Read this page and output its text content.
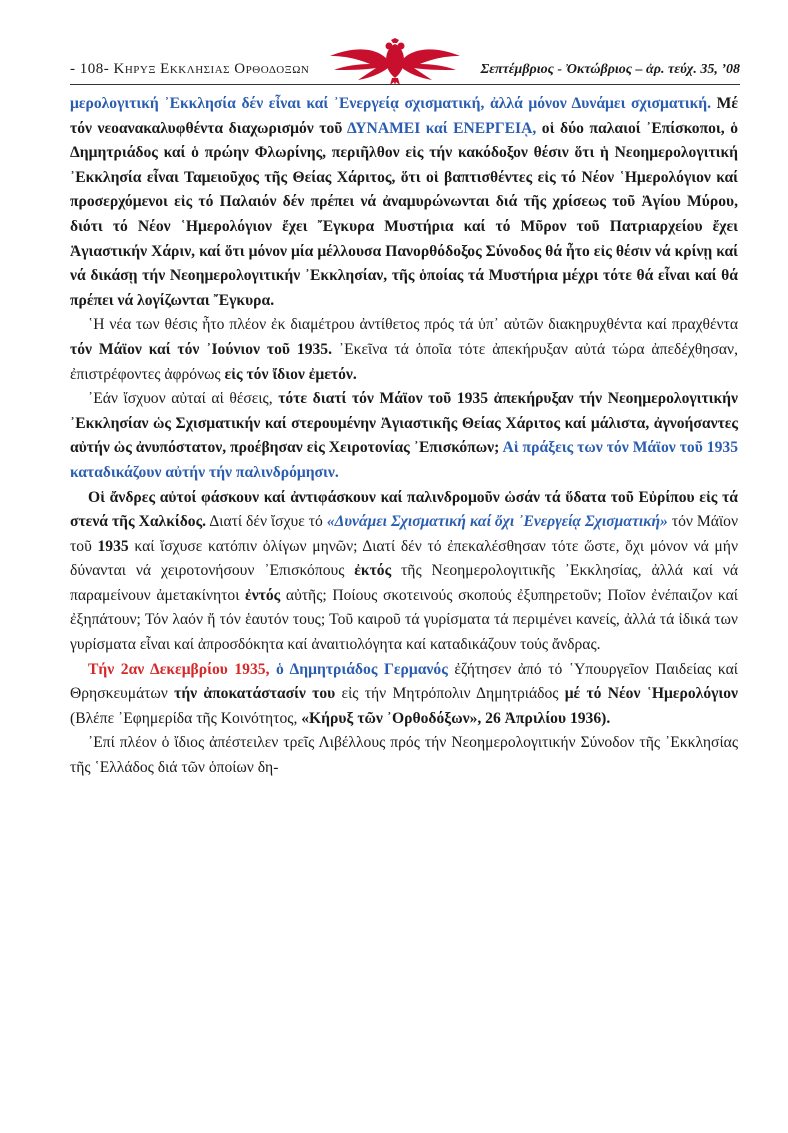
- 108- Κηρυξ Εκκλησιας Ορθοδοξων	Σεπτέμβριος - Ὀκτώβριος – ἀρ. τεύχ. 35, ’08

μερολογιτική ᾽Εκκλησία δέν εἶναι καί ᾽Ενεργείᾳ σχισματική, ἀλλά μόνον Δυνάμει σχισματική. Μέ τόν νεοανακαλυφθέντα διαχωρισμόν τοῦ ΔΥΝΑΜΕΙ καί ΕΝΕΡΓΕΙᾼ, οἱ δύο παλαιοί ᾽Επίσκοποι, ὁ Δημητριάδος καί ὁ πρώην Φλωρίνης, περιῆλθον εἰς τήν κακόδοξον θέσιν ὅτι ἡ Νεοημερολογιτική ᾽Εκκλησία εἶναι Ταμειοῦχος τῆς Θείας Χάριτος, ὅτι οἱ βαπτισθέντες εἰς τό Νέον ῾Ημερολόγιον καί προσερχόμενοι εἰς τό Παλαιόν δέν πρέπει νά ἀναμυρώνωνται διά τῆς χρίσεως τοῦ Ἁγίου Μύρου, διότι τό Νέον ῾Ημερολόγιον ἔχει ῎Εγκυρα Μυστήρια καί τό Μῦρον τοῦ Πατριαρχείου ἔχει Ἁγιαστικήν Χάριν, καί ὅτι μόνον μία μέλλουσα Πανορθόδοξος Σύνοδος θά ἦτο εἰς θέσιν νά κρίνῃ καί νά δικάσῃ τήν Νεοημερολογιτικήν ᾽Εκκλησίαν, τῆς ὁποίας τά Μυστήρια μέχρι τότε θά εἶναι καί θά πρέπει νά λογίζωνται ῎Εγκυρα.

῾Η νέα των θέσις ἦτο πλέον ἐκ διαμέτρου ἀντίθετος πρός τά ὑπ᾽ αὐτῶν διακηρυχθέντα καί πραχθέντα τόν Μάϊον καί τόν ᾽Ιούνιον τοῦ 1935. ᾽Εκεῖνα τά ὁποῖα τότε ἀπεκήρυξαν αὐτά τώρα ἀπεδέχθησαν, ἐπιστρέφοντες ἀφρόνως εἰς τόν ἴδιον ἐμετόν.

᾽Εάν ἴσχυον αὐταί αἱ θέσεις, τότε διατί τόν Μάϊον τοῦ 1935 ἀπεκήρυξαν τήν Νεοημερολογιτικήν ᾽Εκκλησίαν ὡς Σχισματικήν καί στερουμένην Ἁγιαστικῆς Θείας Χάριτος καί μάλιστα, ἀγνοήσαντες αὐτήν ὡς ἀνυπόστατον, προέβησαν εἰς Χειροτονίας ᾽Επισκόπων; Αἱ πράξεις των τόν Μάϊον τοῦ 1935 καταδικάζουν αὐτήν τήν παλινδρόμησιν.

Οἱ ἄνδρες αὐτοί φάσκουν καί ἀντιφάσκουν καί παλινδρομοῦν ὡσάν τά ὕδατα τοῦ Εὐρίπου εἰς τά στενά τῆς Χαλκίδος. Διατί δέν ἴσχυε τό «Δυνάμει Σχισματική καί ὄχι ᾽Ενεργείᾳ Σχισματική» τόν Μάϊον τοῦ 1935 καί ἴσχυσε κατόπιν ὀλίγων μηνῶν; Διατί δέν τό ἐπεκαλέσθησαν τότε ὥστε, ὄχι μόνον νά μήν δύνανται νά χειροτονήσουν ᾽Επισκόπους ἐκτός τῆς Νεοημερολογιτικῆς ᾽Εκκλησίας, ἀλλά καί νά παραμείνουν ἀμετακίνητοι ἐντός αὐτῆς; Ποίους σκοτεινούς σκοπούς ἐξυπηρετοῦν; Ποῖον ἐνέπαιζον καί ἐξηπάτουν; Τόν λαόν ἤ τόν ἑαυτόν τους; Τοῦ καιροῦ τά γυρίσματα τά περιμένει κανείς, ἀλλά τά ἰδικά των γυρίσματα εἶναι καί ἀπροσδόκητα καί ἀναιτιολόγητα καί καταδικάζουν τούς ἄνδρας.

Τήν 2αν Δεκεμβρίου 1935, ὁ Δημητριάδος Γερμανός ἐζήτησεν ἀπό τό ῾Υπουργεῖον Παιδείας καί Θρησκευμάτων τήν ἀποκατάστασίν του εἰς τήν Μητρόπολιν Δημητριάδος μέ τό Νέον ῾Ημερολόγιον (Βλέπε ᾽Εφημερίδα τῆς Κοινότητος, «Κήρυξ τῶν ᾽Ορθοδόξων», 26 Ἀπριλίου 1936).

᾽Επί πλέον ὁ ἴδιος ἀπέστειλεν τρεῖς Λιβέλλους πρός τήν Νεοημερολογιτικήν Σύνοδον τῆς ᾽Εκκλησίας τῆς ῾Ελλάδος διά τῶν ὁποίων δη-
